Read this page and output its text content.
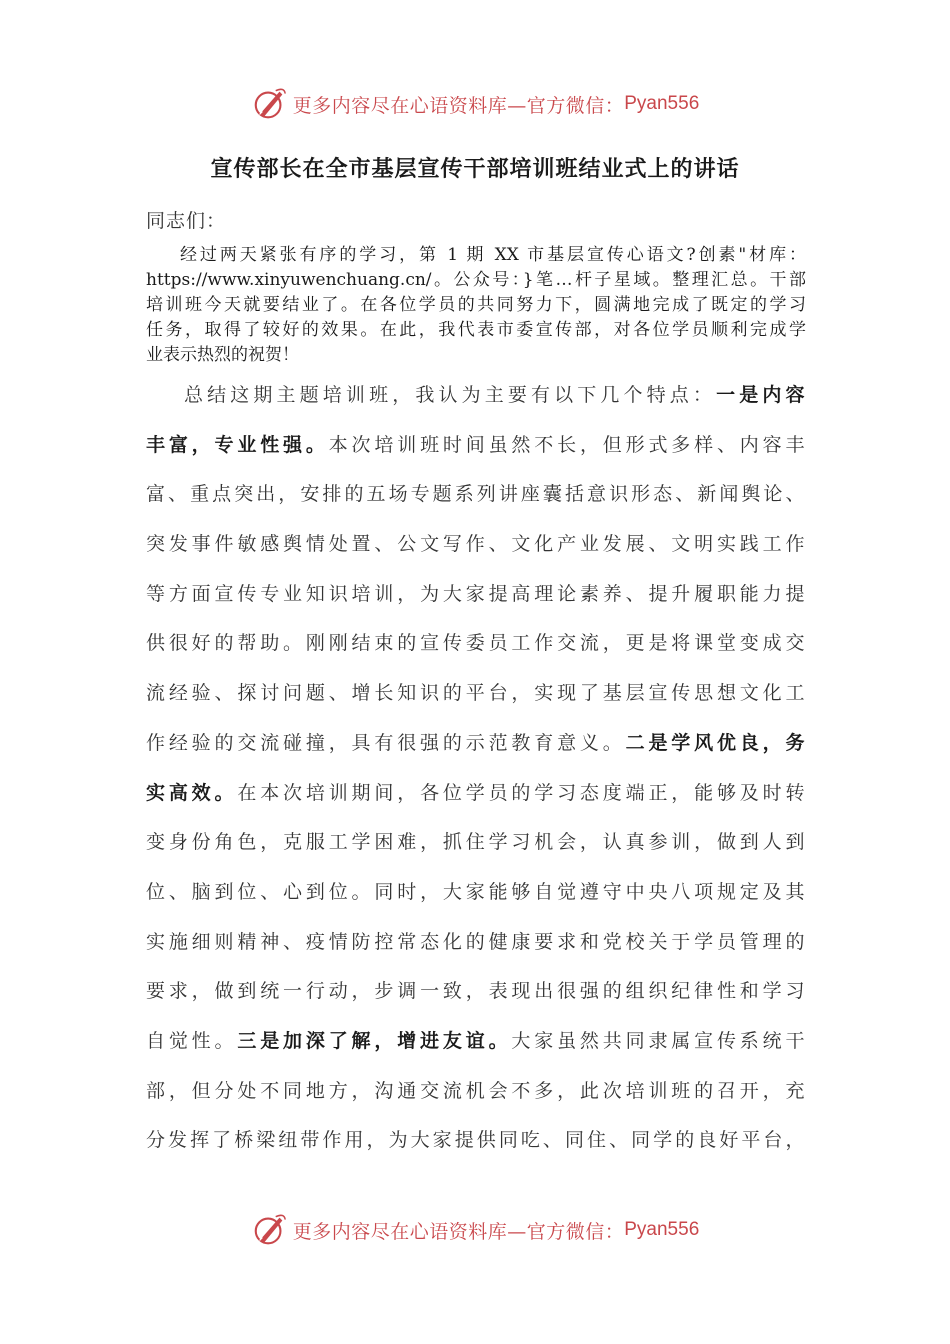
更多内容尽在心语资料库—官方微信： Pyan556
宣传部长在全市基层宣传干部培训班结业式上的讲话
同志们：
经过两天紧张有序的学习，第 1 期 XX 市基层宣传心语文?创素"材库：
https://www.xinyuwenchuang.cn/。公众号：}笔…杆子星域。整理汇总。干部
培训班今天就要结业了。在各位学员的共同努力下，圆满地完成了既定的学习
任务，取得了较好的效果。在此，我代表市委宣传部，对各位学员顺利完成学
业表示热烈的祝贺！
总结这期主题培训班，我认为主要有以下几个特点：一是内容
丰富，专业性强。本次培训班时间虽然不长，但形式多样、内容丰
富、重点突出，安排的五场专题系列讲座囊括意识形态、新闻舆论、
突发事件敏感舆情处置、公文写作、文化产业发展、文明实践工作
等方面宣传专业知识培训，为大家提高理论素养、提升履职能力提
供很好的帮助。刚刚结束的宣传委员工作交流，更是将课堂变成交
流经验、探讨问题、增长知识的平台，实现了基层宣传思想文化工
作经验的交流碰撞，具有很强的示范教育意义。二是学风优良，务
实高效。在本次培训期间，各位学员的学习态度端正，能够及时转
变身份角色，克服工学困难，抓住学习机会，认真参训，做到人到
位、脑到位、心到位。同时，大家能够自觉遵守中央八项规定及其
实施细则精神、疫情防控常态化的健康要求和党校关于学员管理的
要求，做到统一行动，步调一致，表现出很强的组织纪律性和学习
自觉性。三是加深了解，增进友谊。大家虽然共同隶属宣传系统干
部，但分处不同地方，沟通交流机会不多，此次培训班的召开，充
分发挥了桥梁纽带作用，为大家提供同吃、同住、同学的良好平台，
更多内容尽在心语资料库—官方微信： Pyan556
